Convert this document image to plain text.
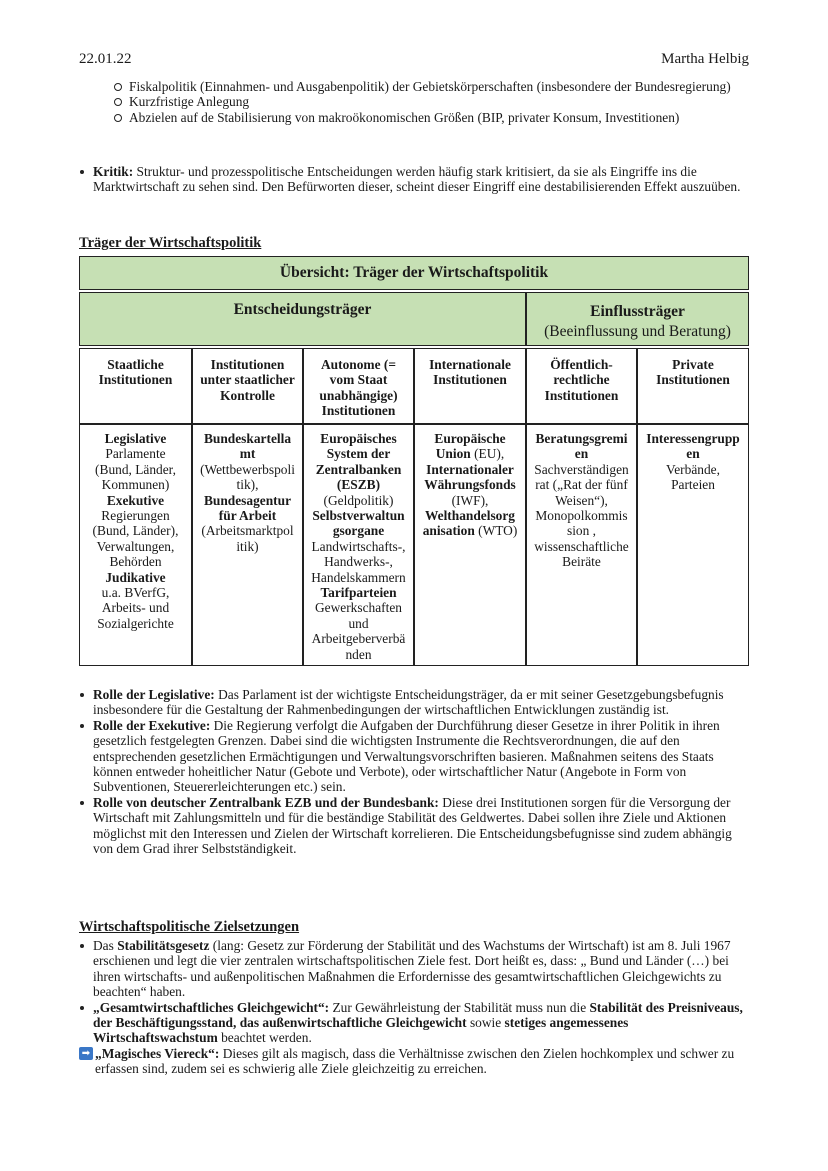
22.01.22	Martha Helbig
Fiskalpolitik (Einnahmen- und Ausgabenpolitik) der Gebietskörperschaften (insbesondere der Bundesregierung)
Kurzfristige Anlegung
Abzielen auf de Stabilisierung von makroökonomischen Größen (BIP, privater Konsum, Investitionen)
Kritik: Struktur- und prozesspolitische Entscheidungen werden häufig stark kritisiert, da sie als Eingriffe ins die Marktwirtschaft zu sehen sind. Den Befürworten dieser, scheint dieser Eingriff eine destabilisierenden Effekt auszuüben.
Träger der Wirtschaftspolitik
Übersicht: Träger der Wirtschaftspolitik
Entscheidungsträger	Einflussträger
(Beeinflussung und Beratung)
Staatliche
Institutionen
Institutionen
unter staatlicher
Kontrolle
Autonome (=
vom Staat
unabhängige)
Institutionen
Internationale
Institutionen
Öffentlich-
rechtliche
Institutionen
Private
Institutionen
Legislative
Parlamente
(Bund, Länder,
Kommunen)
Exekutive
Regierungen
(Bund, Länder),
Verwaltungen,
Behörden
Judikative
u.a. BVerfG,
Arbeits- und
Sozialgerichte
Bundeskartella
mt
(Wettbewerbspoli
tik),
Bundesagentur
für Arbeit
(Arbeitsmarktpol
itik)
Europäisches
System der
Zentralbanken
(ESZB)
(Geldpolitik)
Selbstverwaltun
gsorgane
Landwirtschafts-,
Handwerks-,
Handelskammern
Tarifparteien
Gewerkschaften
und
Arbeitgeberverbä
nden
Europäische
Union (EU),
Internationaler
Währungsfonds
(IWF),
Welthandelsorg
anisation (WTO)
Beratungsgremi
en
Sachverständigen
rat („Rat der fünf
Weisen“),
Monopolkommis
sion ,
wissenschaftliche
Beiräte
Interessengrupp
en
Verbände,
Parteien
Rolle der Legislative: Das Parlament ist der wichtigste Entscheidungsträger, da er mit seiner Gesetzgebungsbefugnis insbesondere für die Gestaltung der Rahmenbedingungen der wirtschaftlichen Entwicklungen zuständig ist.
Rolle der Exekutive: Die Regierung verfolgt die Aufgaben der Durchführung dieser Gesetze in ihrer Politik in ihren gesetzlich festgelegten Grenzen. Dabei sind die wichtigsten Instrumente die Rechtsverordnungen, die auf den entsprechenden gesetzlichen Ermächtigungen und Verwaltungsvorschriften basieren. Maßnahmen seitens des Staats können entweder hoheitlicher Natur (Gebote und Verbote), oder wirtschaftlicher Natur (Angebote in Form von Subventionen, Steuererleichterungen etc.) sein.
Rolle von deutscher Zentralbank EZB und der Bundesbank: Diese drei Institutionen sorgen für die Versorgung der Wirtschaft mit Zahlungsmitteln und für die beständige Stabilität des Geldwertes. Dabei sollen ihre Ziele und Aktionen möglichst mit den Interessen und Zielen der Wirtschaft korrelieren. Die Entscheidungsbefugnisse sind zudem abhängig von dem Grad ihrer Selbstständigkeit.
Wirtschaftspolitische Zielsetzungen
Das Stabilitätsgesetz (lang: Gesetz zur Förderung der Stabilität und des Wachstums der Wirtschaft) ist am 8. Juli 1967 erschienen und legt die vier zentralen wirtschaftspolitischen Ziele fest. Dort heißt es, dass: „ Bund und Länder (…) bei ihren wirtschafts- und außenpolitischen Maßnahmen die Erfordernisse des gesamtwirtschaftlichen Gleichgewichts zu beachten“ haben.
„Gesamtwirtschaftliches Gleichgewicht“: Zur Gewährleistung der Stabilität muss nun die Stabilität des Preisniveaus, der Beschäftigungsstand, das außenwirtschaftliche Gleichgewicht sowie stetiges angemessenes Wirtschaftswachstum beachtet werden.
➡ „Magisches Viereck“: Dieses gilt als magisch, dass die Verhältnisse zwischen den Zielen hochkomplex und schwer zu erfassen sind, zudem sei es schwierig alle Ziele gleichzeitig zu erreichen.
